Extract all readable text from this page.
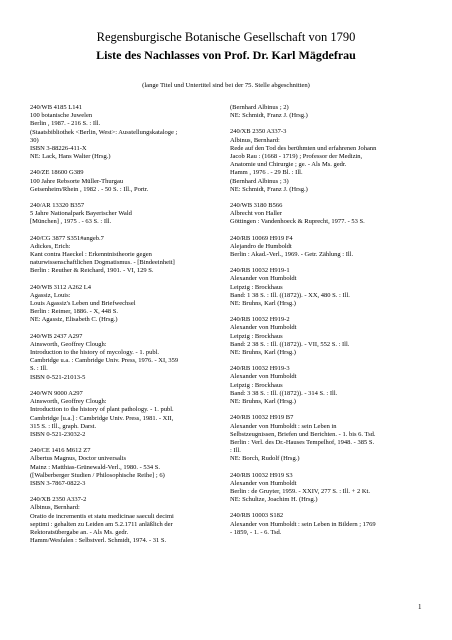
Regensburgische Botanische Gesellschaft von 1790
Liste des Nachlasses von Prof. Dr. Karl Mägdefrau
(lange Titel und Untertitel sind bei der 75. Stelle abgeschnitten)
240/WB 4185 L141
100 botanische Juwelen
Berlin , 1987. - 216 S. : Ill.
(Staatsbibliothek <Berlin, West>: Ausstellungskataloge ;
30)
ISBN 3-88226-411-X
NE: Lack, Hans Walter (Hrsg.)
240/ZE 18600 G389
100 Jahre Rebsorte Müller-Thurgau
Geisenheim/Rhein , 1982 . - 50 S. : Ill., Portr.
240/AR 13320 B357
5 Jahre Nationalpark Bayerischer Wald
[München] , 1975 . - 63 S. : Ill.
240/CG 3877 S351#angeb.7
Adickes, Erich:
Kant contra Haeckel : Erkenntnistheorie gegen
naturwissenschaftlichen Dogmatismus. - [Bindeeinheit]
Berlin : Reuther & Reichard, 1901. - VI, 129 S.
240/WB 3112 A262 L4
Agassiz, Louis:
Louis Agassiz's Leben und Briefwechsel
Berlin : Reimer, 1886. - X, 448 S.
NE: Agassiz, Elisabeth C. (Hrsg.)
240/WB 2437 A297
Ainsworth, Geoffrey Clough:
Introduction to the history of mycology. - 1. publ.
Cambridge u.a. : Cambridge Univ. Press, 1976. - XI, 359
S. : Ill.
ISBN 0-521-21013-5
240/WN 9000 A297
Ainsworth, Geoffrey Clough:
Introduction to the history of plant pathology. - 1. publ.
Cambridge [u.a.] : Cambridge Univ. Press, 1981. - XII,
315 S. : Ill., graph. Darst.
ISBN 0-521-23032-2
240/CE 1416 M612 Z7
Albertus Magnus, Doctor universalis
Mainz : Matthias-Grünewald-Verl., 1980. - 534 S.
([Walberberger Studien / Philosophische Reihe] ; 6)
ISBN 3-7867-0822-3
240/XB 2350 A337-2
Albinus, Bernhard:
Oratio de incrementis et statu medicinae saeculi decimi
septimi : gehalten zu Leiden am 5.2.1711 anläßlich der
Rektoratsübergabe an. - Als Ms. gedr.
Hamm/Wesfalen : Selbstverl. Schmidt, 1974. - 31 S.
(Bernhard Albinus ; 2)
NE: Schmidt, Franz J. (Hrsg.)
240/XB 2350 A337-3
Albinus, Bernhard:
Rede auf den Tod des berühmten und erfahrenen Johann
Jacob Rau : (1668 - 1719) ; Professor der Medizin,
Anatomie und Chirurgie ; ge. - Als Ms. gedr.
Hamm , 1976 . - 29 Bl. : Ill.
(Bernhard Albinus ; 3)
NE: Schmidt, Franz J. (Hrsg.)
240/WB 3180 B566
Albrecht von Haller
Göttingen : Vandenhoeck & Ruprecht, 1977. - 53 S.
240/RB 10069 H919 F4
Alejandro de Humboldt
Berlin : Akad.-Verl., 1969. - Getr. Zählung : Ill.
240/RB 10032 H919-1
Alexander von Humboldt
Leipzig : Brockhaus
Band: 1 38 S. : Ill. ((1872)). - XX, 480 S. : Ill.
NE: Bruhns, Karl (Hrsg.)
240/RB 10032 H919-2
Alexander von Humboldt
Leipzig : Brockhaus
Band: 2 38 S. : Ill. ((1872)). - VII, 552 S. : Ill.
NE: Bruhns, Karl (Hrsg.)
240/RB 10032 H919-3
Alexander von Humboldt
Leipzig : Brockhaus
Band: 3 38 S. : Ill. ((1872)). - 314 S. : Ill.
NE: Bruhns, Karl (Hrsg.)
240/RB 10032 H919 B7
Alexander von Humboldt : sein Leben in
Selbstzeugnissen, Briefen und Berichten. - 1. bis 6. Tsd.
Berlin : Verl. des Dr.-Hauses Tempelhof, 1948. - 385 S.
: Ill.
NE: Borch, Rudolf (Hrsg.)
240/RB 10032 H919 S3
Alexander von Humboldt
Berlin : de Gruyter, 1959. - XXIV, 277 S. : Ill. + 2 Kt.
NE: Schultze, Joachim H. (Hrsg.)
240/RB 10003 S182
Alexander von Humboldt : sein Leben in Bildern ; 1769
- 1859, - 1. - 6. Tsd.
1
